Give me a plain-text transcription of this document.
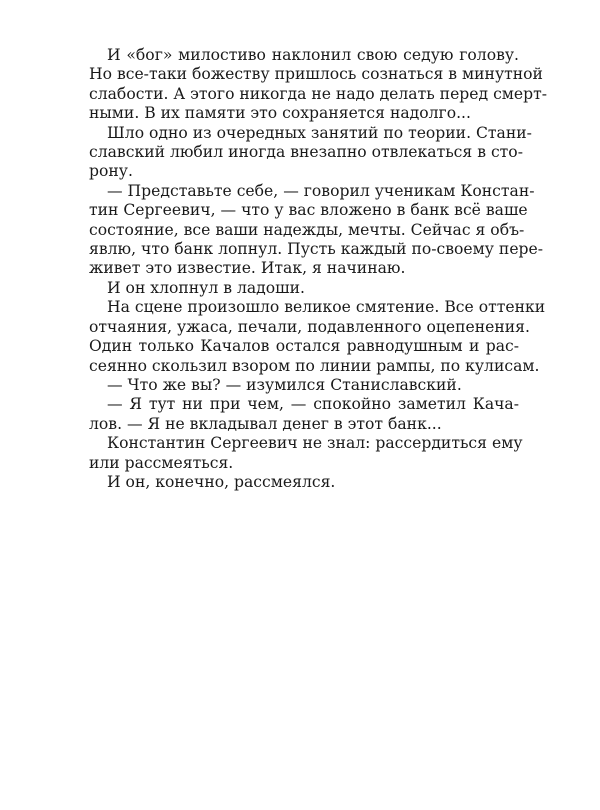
И «бог» милостиво наклонил свою седую голову.
Но все-таки божеству пришлось сознаться в минутной
слабости. А этого никогда не надо делать перед смерт-
ными. В их памяти это сохраняется надолго...
Шло одно из очередных занятий по теории. Стани-
славский любил иногда внезапно отвлекаться в сто-
рону.
— Представьте себе, — говорил ученикам Констан-
тин Сергеевич, — что у вас вложено в банк всё ваше
состояние, все ваши надежды, мечты. Сейчас я объ-
явлю, что банк лопнул. Пусть каждый по-своему пере-
живет это известие. Итак, я начинаю.
И он хлопнул в ладоши.
На сцене произошло великое смятение. Все оттенки
отчаяния, ужаса, печали, подавленного оцепенения.
Один только Качалов остался равнодушным и рас-
сеянно скользил взором по линии рампы, по кулисам.
— Что же вы? — изумился Станиславский.
— Я тут ни при чем, — спокойно заметил Кача-
лов. — Я не вкладывал денег в этот банк...
Константин Сергеевич не знал: рассердиться ему
или рассмеяться.
И он, конечно, рассмеялся.
